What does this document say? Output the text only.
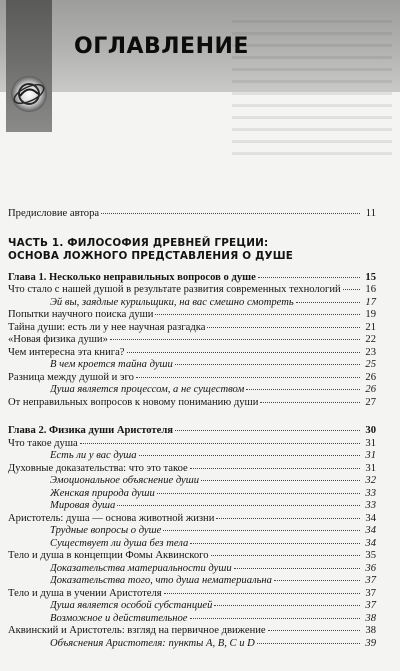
ОГЛАВЛЕНИЕ
Предисловие автора	11
ЧАСТЬ 1. ФИЛОСОФИЯ ДРЕВНЕЙ ГРЕЦИИ:
ОСНОВА ЛОЖНОГО ПРЕДСТАВЛЕНИЯ О ДУШЕ
Глава 1. Несколько неправильных вопросов о душе	15
Что стало с нашей душой в результате развития современных технологий	16
Эй вы, заядлые курильщики, на вас смешно смотреть	17
Попытки научного поиска души	19
Тайна души: есть ли у нее научная разгадка	21
«Новая физика души»	22
Чем интересна эта книга?	23
В чем кроется тайна души	25
Разница между душой и эго	26
Душа является процессом, а не существом	26
От неправильных вопросов к новому пониманию души	27
Глава 2. Физика души Аристотеля	30
Что такое душа	31
Есть ли у вас душа	31
Духовные доказательства: что это такое	31
Эмоциональное объяснение души	32
Женская природа души	33
Мировая душа	33
Аристотель: душа — основа животной жизни	34
Трудные вопросы о душе	34
Существует ли душа без тела	34
Тело и душа в концепции Фомы Аквинского	35
Доказательства материальности души	36
Доказательства того, что душа нематериальна	37
Тело и душа в учении Аристотеля	37
Душа является особой субстанцией	37
Возможное и действительное	38
Аквинский и Аристотель: взгляд на первичное движение	38
Объяснения Аристотеля: пункты A, B, C и D	39
